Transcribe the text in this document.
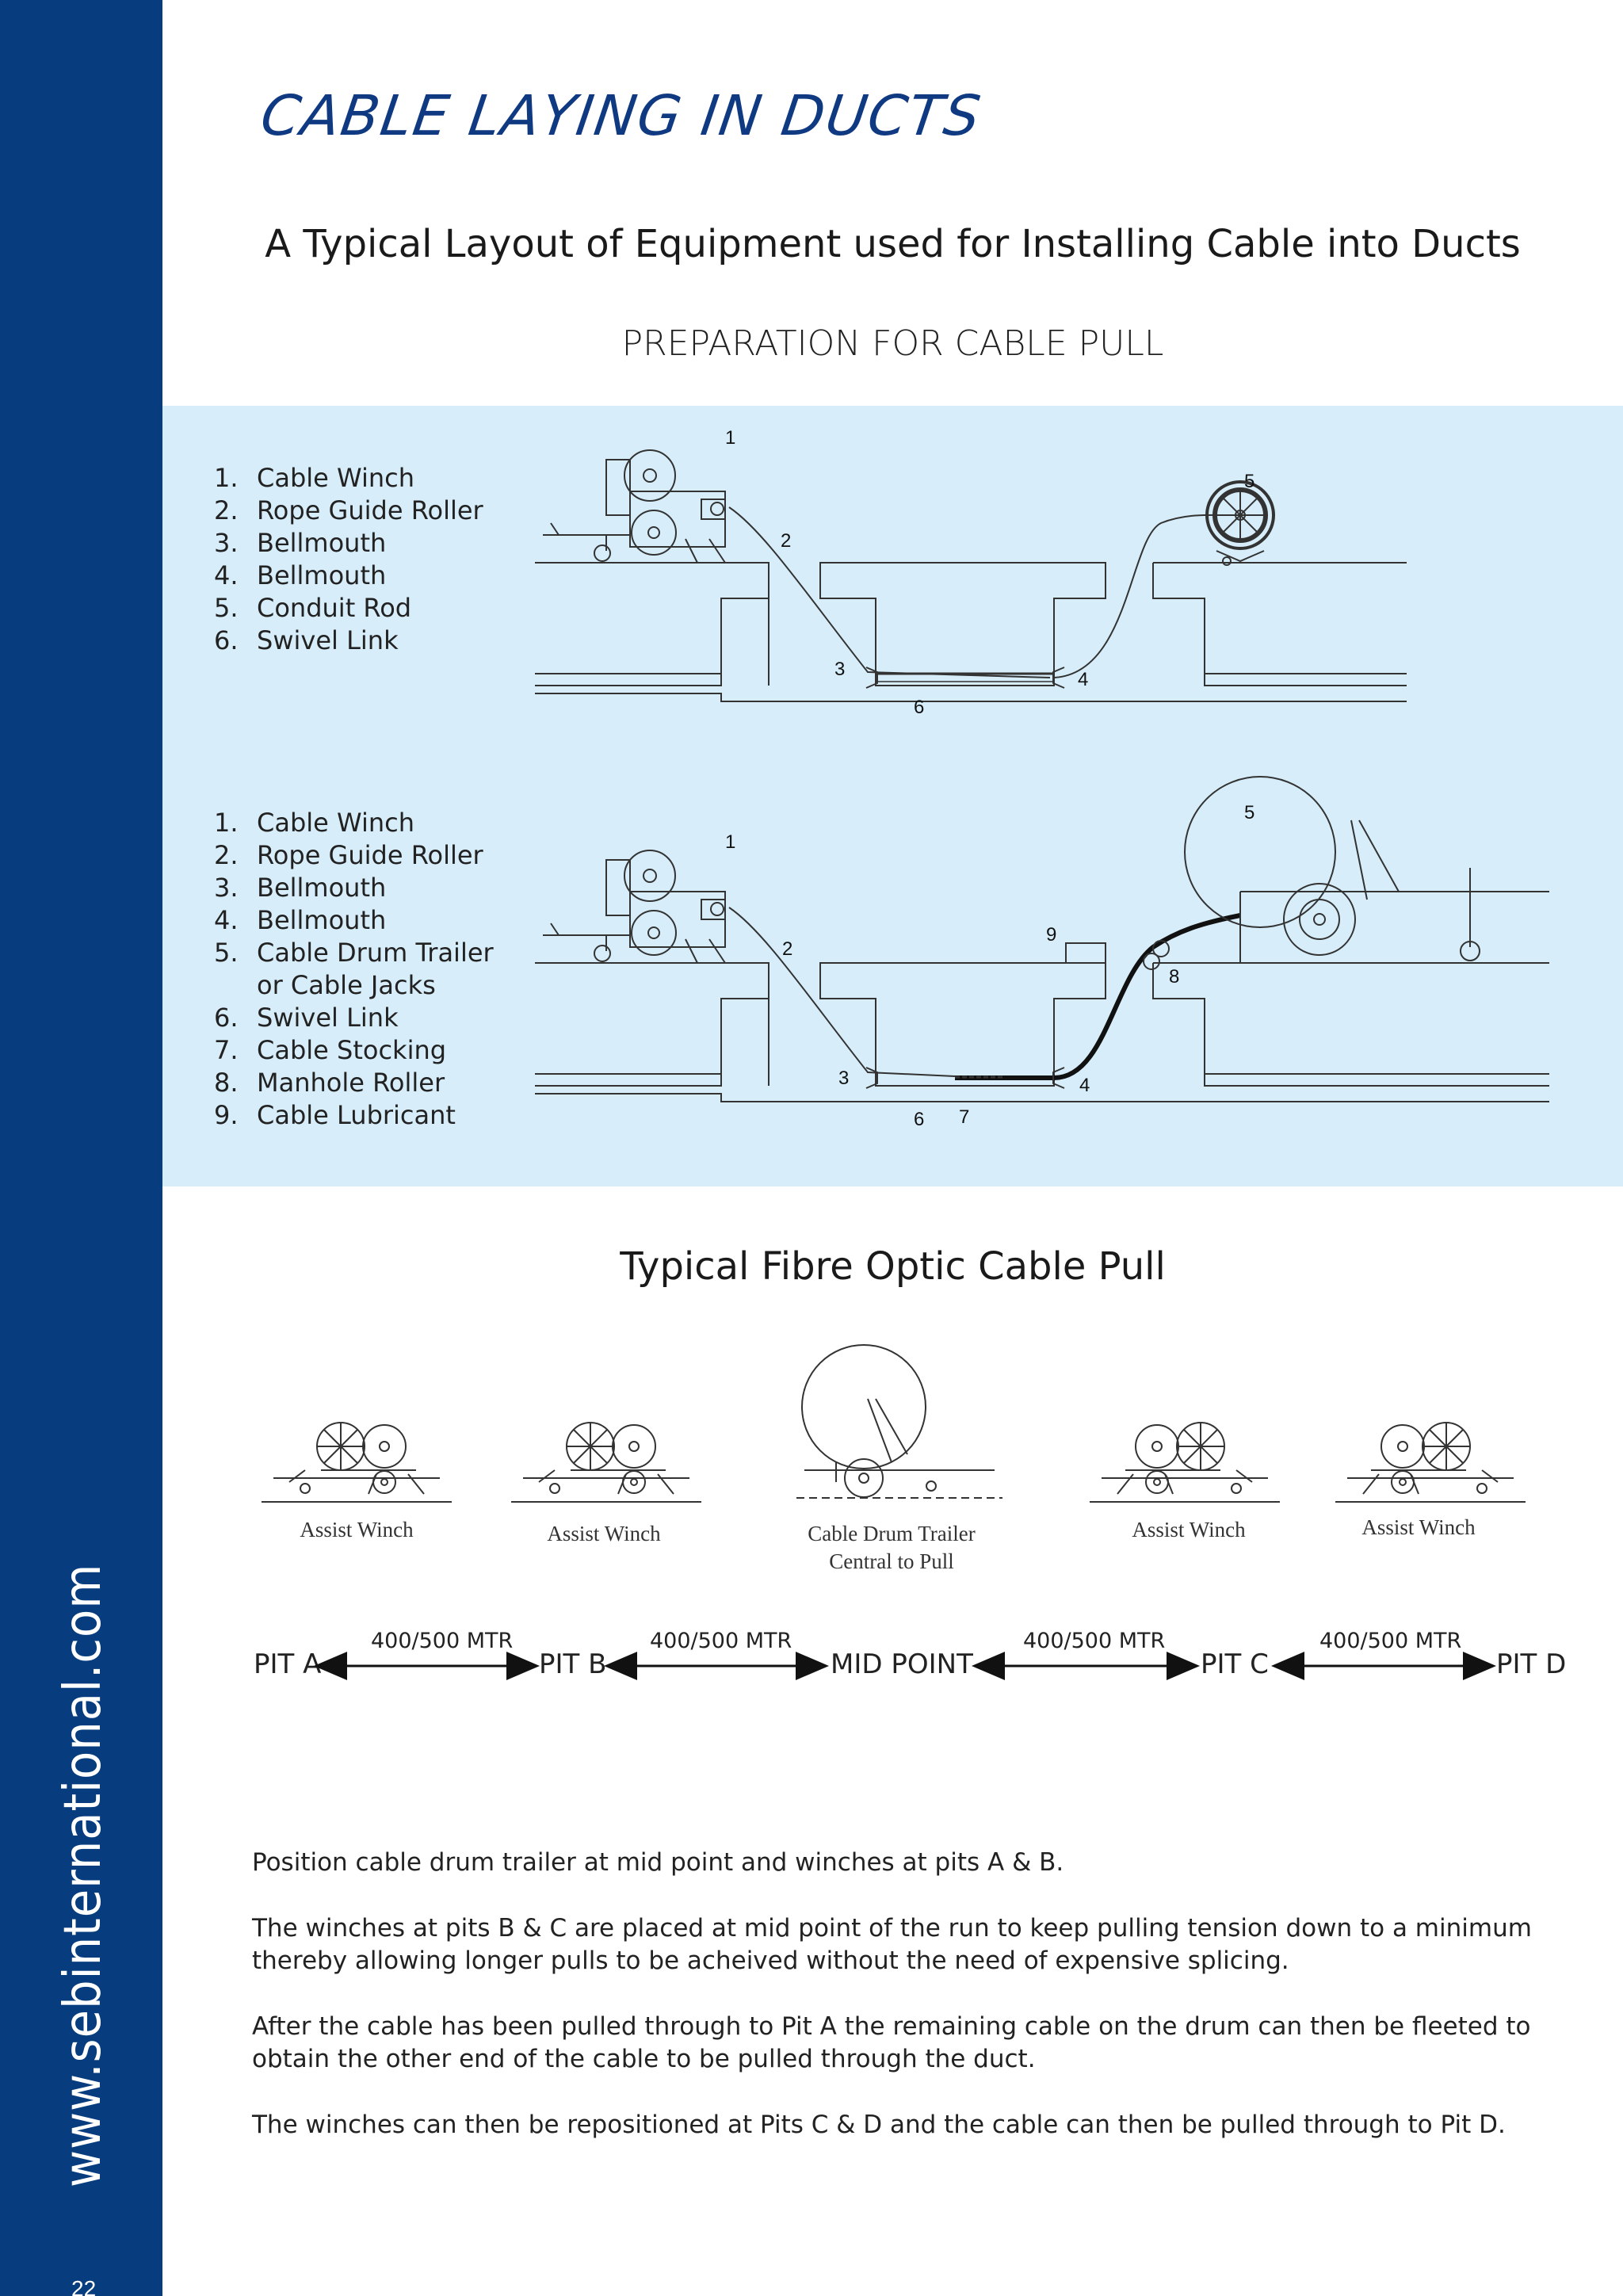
www.sebinternational.com
22
CABLE LAYING IN DUCTS
A Typical Layout of Equipment used for Installing Cable into Ducts
PREPARATION FOR CABLE PULL
1. Cable Winch
2. Rope Guide Roller
3. Bellmouth
4. Bellmouth
5. Conduit Rod
6. Swivel Link
1
2
3	4
5
6
1. Cable Winch
2. Rope Guide Roller
3. Bellmouth
4. Bellmouth
5. Cable Drum Trailer
or Cable Jacks
6. Swivel Link
7. Cable Stocking
8. Manhole Roller
9. Cable Lubricant
1
2
3	4
5
6 7
8
9
Typical Fibre Optic Cable Pull
Assist Winch	Assist Winch	Cable Drum Trailer
Central to Pull
Assist Winch	Assist Winch
400/500 MTR	400/500 MTR	400/500 MTR	400/500 MTR
PIT A	PIT B	MID POINT	PIT C	PIT D

Position cable drum trailer at mid point and winches at pits A & B.

The winches at pits B & C are placed at mid point of the run to keep pulling tension down to a minimum thereby allowing longer pulls to be acheived without the need of expensive splicing.

After the cable has been pulled through to Pit A the remaining cable on the drum can then be fleeted to obtain the other end of the cable to be pulled through the duct.

The winches can then be repositioned at Pits C & D and the cable can then be pulled through to Pit D.
